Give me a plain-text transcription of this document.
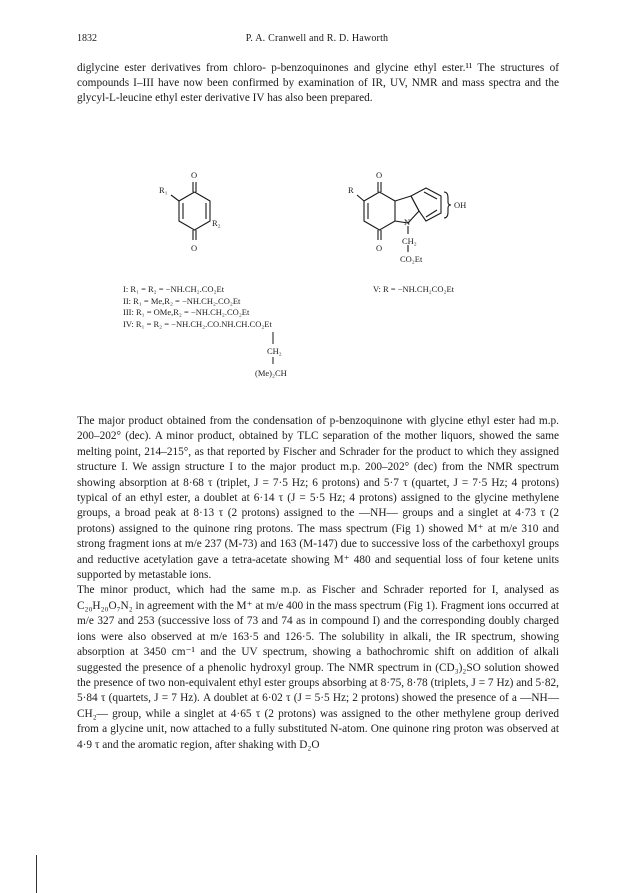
1832	P. A. Cranwell and R. D. Haworth

diglycine ester derivatives from chloro- p-benzoquinones and glycine ethyl ester.¹¹ The structures of compounds I–III have now been confirmed by examination of IR, UV, NMR and mass spectra and the glycyl-L-leucine ethyl ester derivative IV has also been prepared.

O
O
R₁
R₂
O
O
R
N
OH
CH₂
CO₂Et
I: R₁ = R₂ = −NH.CH₂.CO₂Et
II: R₁ = Me,R₂ = −NH.CH₂.CO₂Et
III: R₁ = OMe,R₂ = −NH.CH₂.CO₂Et
IV: R₁ = R₂ = −NH.CH₂.CO.NH.CH.CO₂Et
CH₂
(Me)₂CH
V: R = −NH.CH₂CO₂Et

The major product obtained from the condensation of p-benzoquinone with glycine ethyl ester had m.p. 200–202° (dec). A minor product, obtained by TLC separation of the mother liquors, showed the same melting point, 214–215°, as that reported by Fischer and Schrader for the product to which they assigned structure I. We assign structure I to the major product m.p. 200–202° (dec) from the NMR spectrum showing absorption at 8·68 τ (triplet, J = 7·5 Hz; 6 protons) and 5·7 τ (quartet, J = 7·5 Hz; 4 protons) typical of an ethyl ester, a doublet at 6·14 τ (J = 5·5 Hz; 4 protons) assigned to the glycine methylene groups, a broad peak at 8·13 τ (2 protons) assigned to the —NH— groups and a singlet at 4·73 τ (2 protons) assigned to the quinone ring protons. The mass spectrum (Fig 1) showed M⁺ at m/e 310 and strong fragment ions at m/e 237 (M-73) and 163 (M-147) due to successive loss of the carbethoxyl groups and reductive acetylation gave a tetra-acetate showing M⁺ 480 and sequential loss of four ketene units supported by metastable ions.

The minor product, which had the same m.p. as Fischer and Schrader reported for I, analysed as C₂₀H₂₀O₇N₂ in agreement with the M⁺ at m/e 400 in the mass spectrum (Fig 1). Fragment ions occurred at m/e 327 and 253 (successive loss of 73 and 74 as in compound I) and the corresponding doubly charged ions were also observed at m/e 163·5 and 126·5. The solubility in alkali, the IR spectrum, showing absorption at 3450 cm⁻¹ and the UV spectrum, showing a bathochromic shift on addition of alkali suggested the presence of a phenolic hydroxyl group. The NMR spectrum in (CD₃)₂SO solution showed the presence of two non-equivalent ethyl ester groups absorbing at 8·75, 8·78 (triplets, J = 7 Hz) and 5·82, 5·84 τ (quartets, J = 7 Hz). A doublet at 6·02 τ (J = 5·5 Hz; 2 protons) showed the presence of a —NH—CH₂— group, while a singlet at 4·65 τ (2 protons) was assigned to the other methylene group derived from a glycine unit, now attached to a fully substituted N-atom. One quinone ring proton was observed at 4·9 τ and the aromatic region, after shaking with D₂O
